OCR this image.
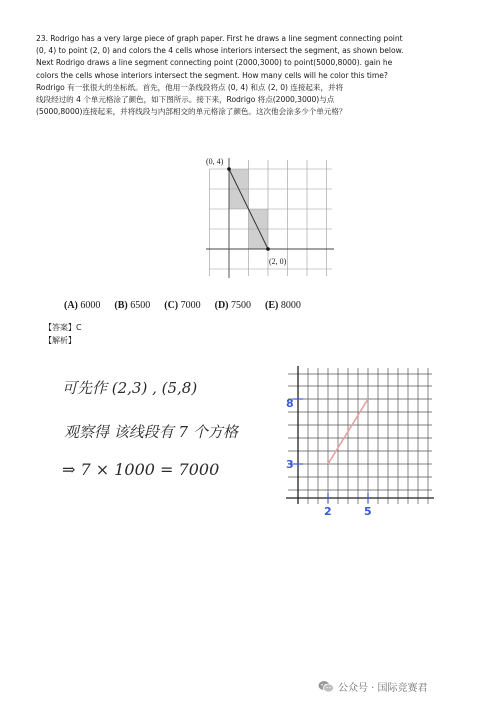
23. Rodrigo has a very large piece of graph paper. First he draws a line segment connecting point

(0, 4) to point (2, 0) and colors the 4 cells whose interiors intersect the segment, as shown below.

Next Rodrigo draws a line segment connecting point (2000,3000) to point(5000,8000). gain he

colors the cells whose interiors intersect the segment. How many cells will he color this time?

Rodrigo 有一张很大的坐标纸。首先，他用一条线段将点 (0, 4) 和点 (2, 0) 连接起来，并将

线段经过的 4 个单元格涂了颜色，如下图所示。接下来，Rodrigo 将点(2000,3000)与点

(5000,8000)连接起来，并将线段与内部相交的单元格涂了颜色。这次他会涂多少个单元格？

(0, 4)
(2, 0)
(A) 6000 (B) 6500 (C) 7000 (D) 7500 (E) 8000
【答案】C
【解析】
可先作 (2,3) , (5,8)
观察得 该线段有 7 个方格
⇒ 7 × 1000 = 7000
8
3
2	5
公众号 · 国际竞赛君
